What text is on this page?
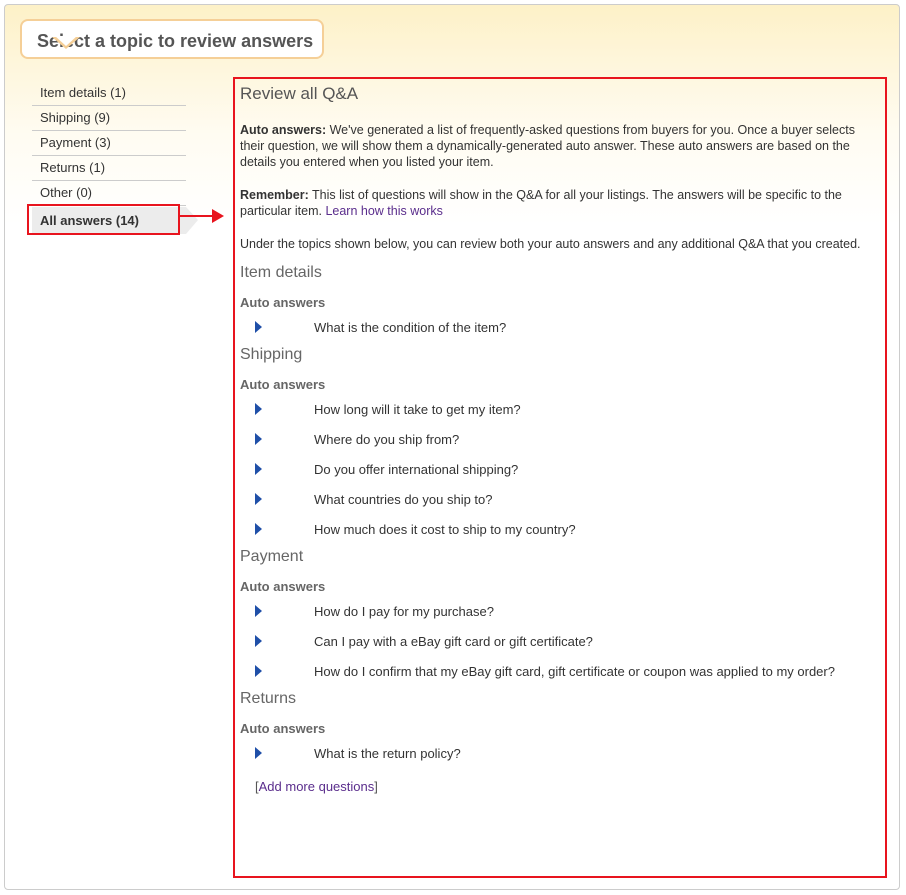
Select a topic to review answers
Item details (1)
Shipping (9)
Payment (3)
Returns (1)
Other (0)
All answers (14)
Review all Q&A

Auto answers: We've generated a list of frequently-asked questions from buyers for you. Once a buyer selects their question, we will show them a dynamically-generated auto answer. These auto answers are based on the details you entered when you listed your item.

Remember: This list of questions will show in the Q&A for all your listings. The answers will be specific to the particular item. Learn how this works

Under the topics shown below, you can review both your auto answers and any additional Q&A that you created.

Item details
Auto answers
What is the condition of the item?
Shipping
Auto answers
How long will it take to get my item?
Where do you ship from?
Do you offer international shipping?
What countries do you ship to?
How much does it cost to ship to my country?
Payment
Auto answers
How do I pay for my purchase?
Can I pay with a eBay gift card or gift certificate?
How do I confirm that my eBay gift card, gift certificate or coupon was applied to my order?
Returns
Auto answers
What is the return policy?
[Add more questions]
